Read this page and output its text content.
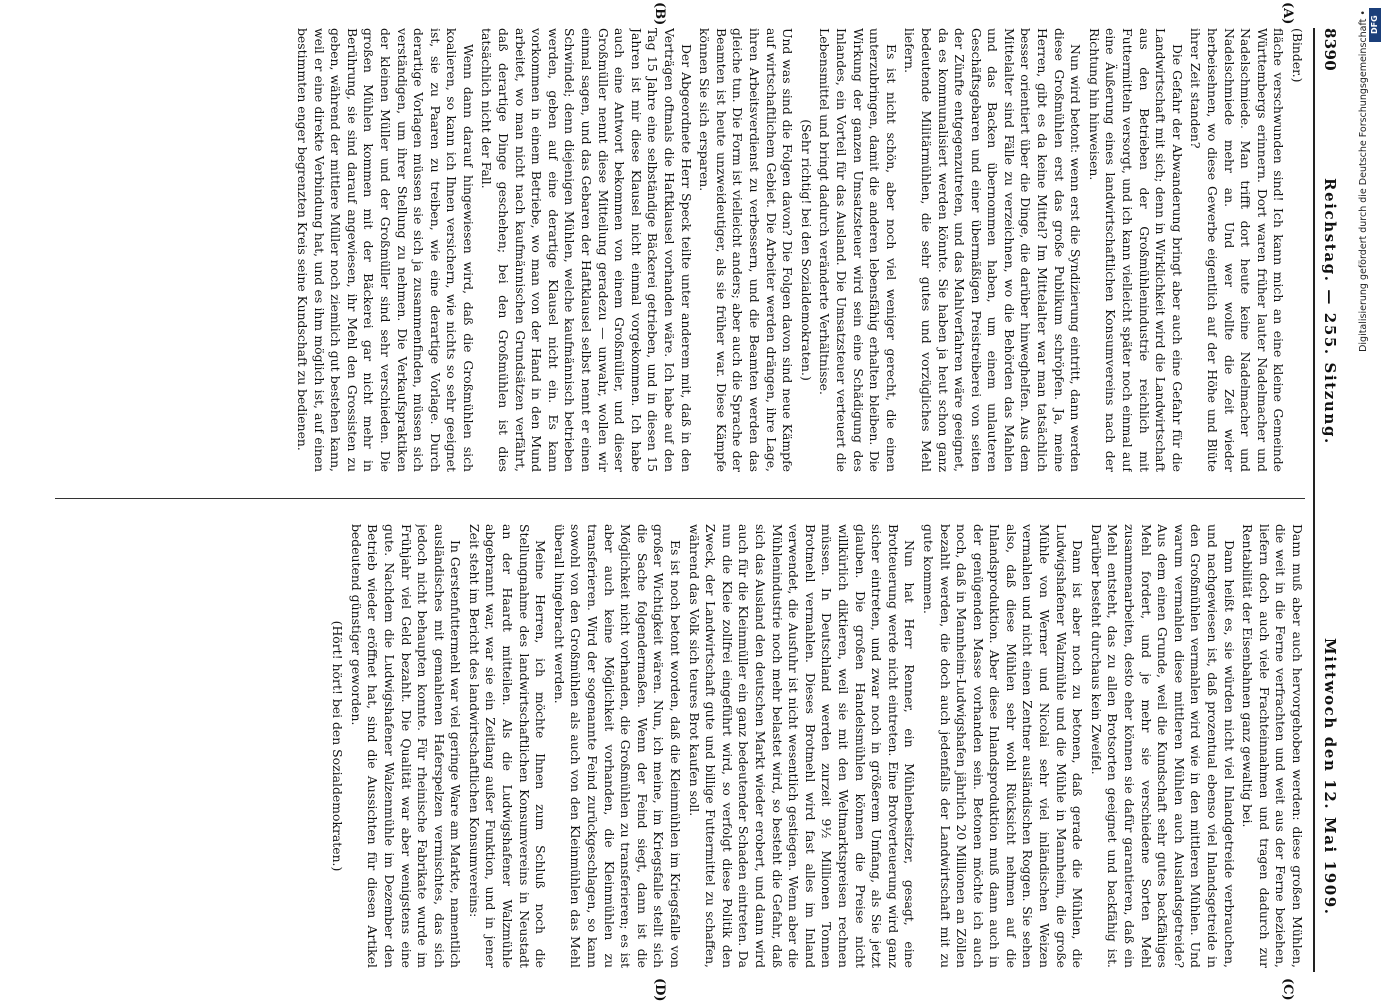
8390
Reichstag. — 255. Sitzung.
Mittwoch den 12. Mai 1909.

(Binder.)

fläche verschwunden sind! Ich kann mich an eine kleine Gemeinde Württembergs erinnern. Dort waren früher lauter Nadelmacher und Nadelschmiede. Man trifft dort heute keine Nadelmacher und Nadelschmiede mehr an. Und wer wollte die Zeit wieder herbeisehnen, wo diese Gewerbe eigentlich auf der Höhe und Blüte ihrer Zeit standen?

Die Gefahr der Abwanderung bringt aber auch eine Gefahr für die Landwirtschaft mit sich; denn in Wirklichkeit wird die Landwirtschaft aus den Betrieben der Großmühlenindustrie reichlich mit Futtermitteln versorgt, und ich kann vielleicht später noch einmal auf eine Äußerung eines landwirtschaftlichen Konsumvereins nach der Richtung hin hinweisen.

Nun wird betont: wenn erst die Syndizierung eintritt, dann werden diese Großmühlen erst das große Publikum schröpfen. Ja, meine Herren, gibt es da keine Mittel? Im Mittelalter war man tatsächlich besser orientiert über die Dinge, die darüber hinweghelfen. Aus dem Mittelalter sind Fälle zu verzeichnen, wo die Behörden das Mahlen und das Backen übernommen haben, um einem unlauteren Geschäftsgebaren und einer übermäßigen Preistreiberei von seiten der Zünfte entgegenzutreten, und das Mahlverfahren wäre geeignet, da es kommunalisiert werden könnte. Sie haben ja heut schon ganz bedeutende Militärmühlen, die sehr gutes und vorzügliches Mehl liefern.

Es ist nicht schön, aber noch viel weniger gerecht, die einen unterzubringen, damit die anderen lebensfähig erhalten bleiben. Die Wirkung der ganzen Umsatzsteuer wird sein eine Schädigung des Inlandes, ein Vorteil für das Ausland. Die Umsatzsteuer verteuert die Lebensmittel und bringt dadurch veränderte Verhältnisse.

(Sehr richtig! bei den Sozialdemokraten.)

Und was sind die Folgen davon? Die Folgen davon sind neue Kämpfe auf wirtschaftlichem Gebiet. Die Arbeiter werden drängen, ihre Lage, ihren Arbeitsverdienst zu verbessern, und die Beamten werden das gleiche tun. Die Form ist vielleicht anders; aber auch die Sprache der Beamten ist heute unzweideutiger, als sie früher war. Diese Kämpfe können Sie sich ersparen.

Der Abgeordnete Herr Speck teilte unter anderem mit, daß in den Verträgen oftmals die Haftklausel vorhanden wäre. Ich habe auf den Tag 15 Jahre eine selbständige Bäckerei getrieben, und in diesen 15 Jahren ist mir diese Klausel nicht einmal vorgekommen. Ich habe auch eine Antwort bekommen von einem Großmüller, und dieser Großmüller nennt diese Mitteilung geradezu — unwahr, wollen wir einmal sagen, und das Gebaren der Haftklausel selbst nennt er einen Schwindel; denn diejenigen Mühlen, welche kaufmännisch betrieben werden, geben auf eine derartige Klausel nicht ein. Es kann vorkommen in einem Betriebe, wo man von der Hand in den Mund arbeitet, wo man nicht nach kaufmännischen Grundsätzen verfährt, daß derartige Dinge geschehen; bei den Großmühlen ist dies tatsächlich nicht der Fall.

Wenn dann darauf hingewiesen wird, daß die Großmühlen sich koalieren, so kann ich Ihnen versichern, wie nichts so sehr geeignet ist, sie zu Paaren zu treiben, wie eine derartige Vorlage. Durch derartige Vorlagen müssen sie sich ja zusammenfinden, müssen sich verständigen, um ihrer Stellung zu nehmen. Die Verkaufspraktiken der kleinen Müller und der Großmüller sind sehr verschieden. Die großen Mühlen kommen mit der Bäckerei gar nicht mehr in Berührung, sie sind darauf angewiesen, ihr Mehl den Grossisten zu geben, während der mittlere Müller noch ziemlich gut bestehen kann, weil er eine direkte Verbindung hat, und es ihm möglich ist, auf einen bestimmten enger begrenzten Kreis seine Kundschaft zu bedienen.

Dann muß aber auch hervorgehoben werden: diese großen Mühlen, die weit in die Ferne verfrachten und weit aus der Ferne beziehen, liefern doch auch viele Frachteinnahmen und tragen dadurch zur Rentabilität der Eisenbahnen ganz gewaltig bei.

Dann heißt es, sie würden nicht viel Inlandgetreide verbrauchen, und nachgewiesen ist, daß prozentual ebenso viel Inlandsgetreide in den Großmühlen vermahlen wird wie in den mittleren Mühlen. Und warum vermahlen diese mittleren Mühlen auch Auslandsgetreide? Aus dem einen Grunde, weil die Kundschaft sehr gutes backfähiges Mehl fordert, und je mehr sie verschiedene Sorten Mehl zusammenarbeiten, desto eher können sie dafür garantieren, daß ein Mehl entsteht, das zu allen Brotsorten geeignet und backfähig ist. Darüber besteht durchaus kein Zweifel.

Dann ist aber noch zu betonen, daß gerade die Mühlen, die Ludwigshafener Walzmühle und die Mühle in Mannheim, die große Mühle von Werner und Nicolai sehr viel inländischen Weizen vermahlen und nicht einen Zentner ausländischen Roggen. Sie sehen also, daß diese Mühlen sehr wohl Rücksicht nehmen auf die Inlandsproduktion. Aber diese Inlandsproduktion muß dann auch in der genügenden Masse vorhanden sein. Betonen möchte ich auch noch, daß in Mannheim-Ludwigshafen jährlich 20 Millionen an Zöllen bezahlt werden, die doch auch jedenfalls der Landwirtschaft mit zu gute kommen.

Nun hat Herr Renner, ein Mühlenbesitzer, gesagt, eine Brotteuerung werde nicht eintreten. Eine Brotverteuerung wird ganz sicher eintreten, und zwar noch in größerem Umfang, als Sie jetzt glauben. Die großen Handelsmühlen können die Preise nicht willkürlich diktieren, weil sie mit den Weltmarktspreisen rechnen müssen. In Deutschland werden zurzeit 9½ Millionen Tonnen Brotmehl vermahlen. Dieses Brotmehl wird fast alles im Inland verwendet, die Ausfuhr ist nicht wesentlich gestiegen. Wenn aber die Mühlenindustrie noch mehr belastet wird, so besteht die Gefahr, daß sich das Ausland den deutschen Markt wieder erobert, und dann wird auch für die Kleinmüller ein ganz bedeutender Schaden eintreten. Da nun die Kleie zollfrei eingeführt wird, so verfolgt diese Politik den Zweck, der Landwirtschaft gute und billige Futtermittel zu schaffen, während das Volk sich teures Brot kaufen soll.

Es ist noch betont worden, daß die Kleinmühlen im Kriegsfalle von großer Wichtigkeit wären. Nun, ich meine, im Kriegsfalle stellt sich die Sache folgendermaßen. Wenn der Feind siegt, dann ist die Möglichkeit nicht vorhanden, die Großmühlen zu transferieren; es ist aber auch keine Möglichkeit vorhanden, die Kleinmühlen zu transferieren. Wird der sogenannte Feind zurückgeschlagen, so kann sowohl von den Großmühlen als auch von den Kleinmühlen das Mehl überall hingebracht werden.

Meine Herren, ich möchte Ihnen zum Schluß noch die Stellungnahme des landwirtschaftlichen Konsumvereins in Neustadt an der Haardt mitteilen. Als die Ludwigshafener Walzmühle abgebrannt war, war sie ein Zeitlang außer Funktion, und in jener Zeit steht im Bericht des landwirtschaftlichen Konsumvereins:

In Gerstenfuttermehl war viel geringe Ware am Markte, namentlich ausländisches mit gemahlenen Haferspelzen vermischtes, das sich jedoch nicht behaupten konnte. Für rheinische Fabrikate wurde im Frühjahr viel Geld bezahlt. Die Qualität war aber wenigstens eine gute. Nachdem die Ludwigshafener Walzenmühle im Dezember den Betrieb wieder eröffnet hat, sind die Aussichten für diesen Artikel bedeutend günstiger geworden.

(Hört! hört! bei den Sozialdemokraten.)

(A)
(B)
(C)
(D)
DFG
Digitalisierung gefördert durch die Deutsche Forschungsgemeinschaft •
